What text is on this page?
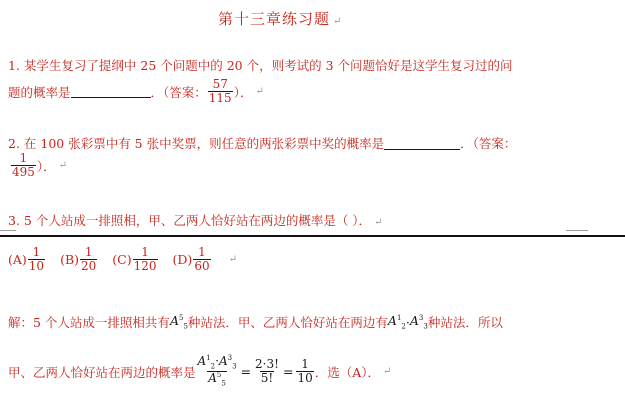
第十三章练习题 ↵
1. 某学生复习了提纲中 25 个问题中的 20 个，则考试的 3 个问题恰好是这学生复习过的问
题的概率是	．（答案： $\frac{57}{115}$ ）． ↵
2. 在 100 张彩票中有 5 张中奖票，则任意的两张彩票中奖的概率是	．（答案：
$\frac{1}{495}$ ）． ↵
3. 5 个人站成一排照相，甲、乙两人恰好站在两边的概率是（ ）． ↵
$(A) \frac{1}{10} (B) \frac{1}{20} (C) \frac{1}{120} (D) \frac{1}{60}$ ↵
解：5 个人站成一排照相共有 $A^5_5$ 种站法．甲、乙两人恰好站在两边有 $A^1_2 \cdot A^3_3$ 种站法．所以
甲、乙两人恰好站在两边的概率是 $\frac{A^1_2\cdot A^3_3}{A^5_5} = \frac{2\cdot 3!}{5!} = \frac{1}{10}$ ．选（A）． ↵
